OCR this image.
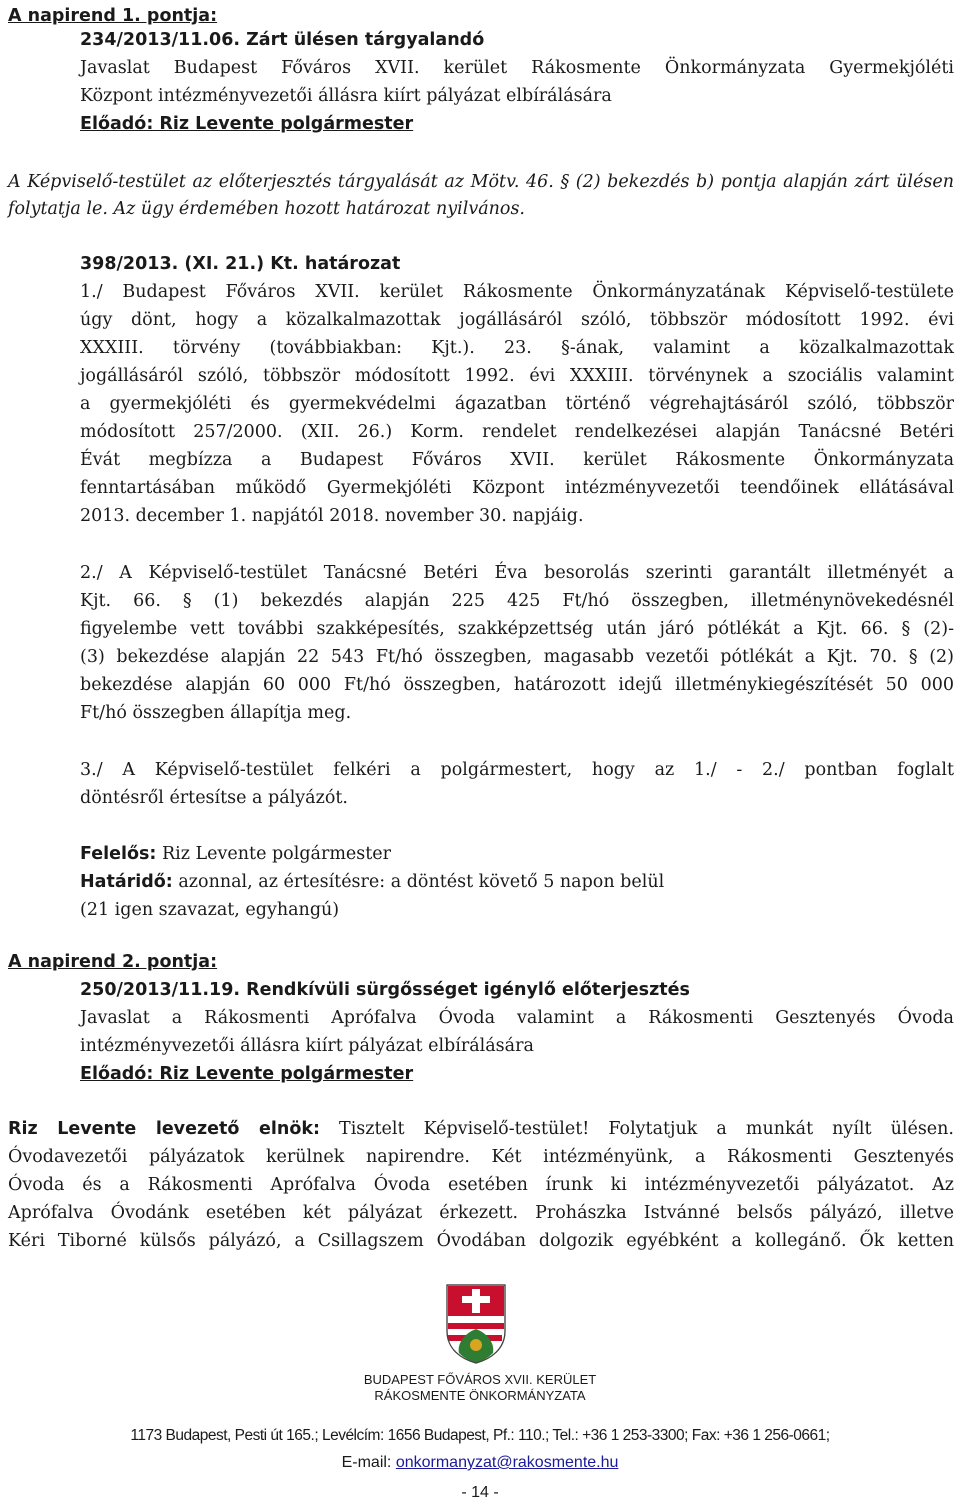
A napirend 1. pontja:
234/2013/11.06. Zárt ülésen tárgyalandó
Javaslat Budapest Főváros XVII. kerület Rákosmente Önkormányzata Gyermekjóléti
Központ intézményvezetői állásra kiírt pályázat elbírálására
Előadó: Riz Levente polgármester
A Képviselő-testület az előterjesztés tárgyalását az Mötv. 46. § (2) bekezdés b) pontja alapján zárt ülésen
folytatja le. Az ügy érdemében hozott határozat nyilvános.
398/2013. (XI. 21.) Kt. határozat
1./ Budapest Főváros XVII. kerület Rákosmente Önkormányzatának Képviselő-testülete
úgy dönt, hogy a közalkalmazottak jogállásáról szóló, többször módosított 1992. évi
XXXIII. törvény (továbbiakban: Kjt.). 23. §-ának, valamint a közalkalmazottak
jogállásáról szóló, többször módosított 1992. évi XXXIII. törvénynek a szociális valamint
a gyermekjóléti és gyermekvédelmi ágazatban történő végrehajtásáról szóló, többször
módosított 257/2000. (XII. 26.) Korm. rendelet rendelkezései alapján Tanácsné Betéri
Évát megbízza a Budapest Főváros XVII. kerület Rákosmente Önkormányzata
fenntartásában működő Gyermekjóléti Központ intézményvezetői teendőinek ellátásával
2013. december 1. napjától 2018. november 30. napjáig.
2./ A Képviselő-testület Tanácsné Betéri Éva besorolás szerinti garantált illetményét a
Kjt. 66. § (1) bekezdés alapján 225 425 Ft/hó összegben, illetménynövekedésnél
figyelembe vett további szakképesítés, szakképzettség után járó pótlékát a Kjt. 66. § (2)-
(3) bekezdése alapján 22 543 Ft/hó összegben, magasabb vezetői pótlékát a Kjt. 70. § (2)
bekezdése alapján 60 000 Ft/hó összegben, határozott idejű illetménykiegészítését 50 000
Ft/hó összegben állapítja meg.
3./ A Képviselő-testület felkéri a polgármestert, hogy az 1./ - 2./ pontban foglalt
döntésről értesítse a pályázót.
Felelős: Riz Levente polgármester
Határidő: azonnal, az értesítésre: a döntést követő 5 napon belül
(21 igen szavazat, egyhangú)
A napirend 2. pontja:
250/2013/11.19. Rendkívüli sürgősséget igénylő előterjesztés
Javaslat a Rákosmenti Aprófalva Óvoda valamint a Rákosmenti Gesztenyés Óvoda
intézményvezetői állásra kiírt pályázat elbírálására
Előadó: Riz Levente polgármester
Riz Levente levezető elnök: Tisztelt Képviselő-testület! Folytatjuk a munkát nyílt ülésen.
Óvodavezetői pályázatok kerülnek napirendre. Két intézményünk, a Rákosmenti Gesztenyés
Óvoda és a Rákosmenti Aprófalva Óvoda esetében írunk ki intézményvezetői pályázatot. Az
Aprófalva Óvodánk esetében két pályázat érkezett. Prohászka Istvánné belsős pályázó, illetve
Kéri Tiborné külsős pályázó, a Csillagszem Óvodában dolgozik egyébként a kollegánő. Ők ketten
BUDAPEST FŐVÁROS XVII. KERÜLET
RÁKOSMENTE ÖNKORMÁNYZATA
1173 Budapest, Pesti út 165.; Levélcím: 1656 Budapest, Pf.: 110.; Tel.: +36 1 253-3300; Fax: +36 1 256-0661;
E-mail: onkormanyzat@rakosmente.hu
- 14 -
